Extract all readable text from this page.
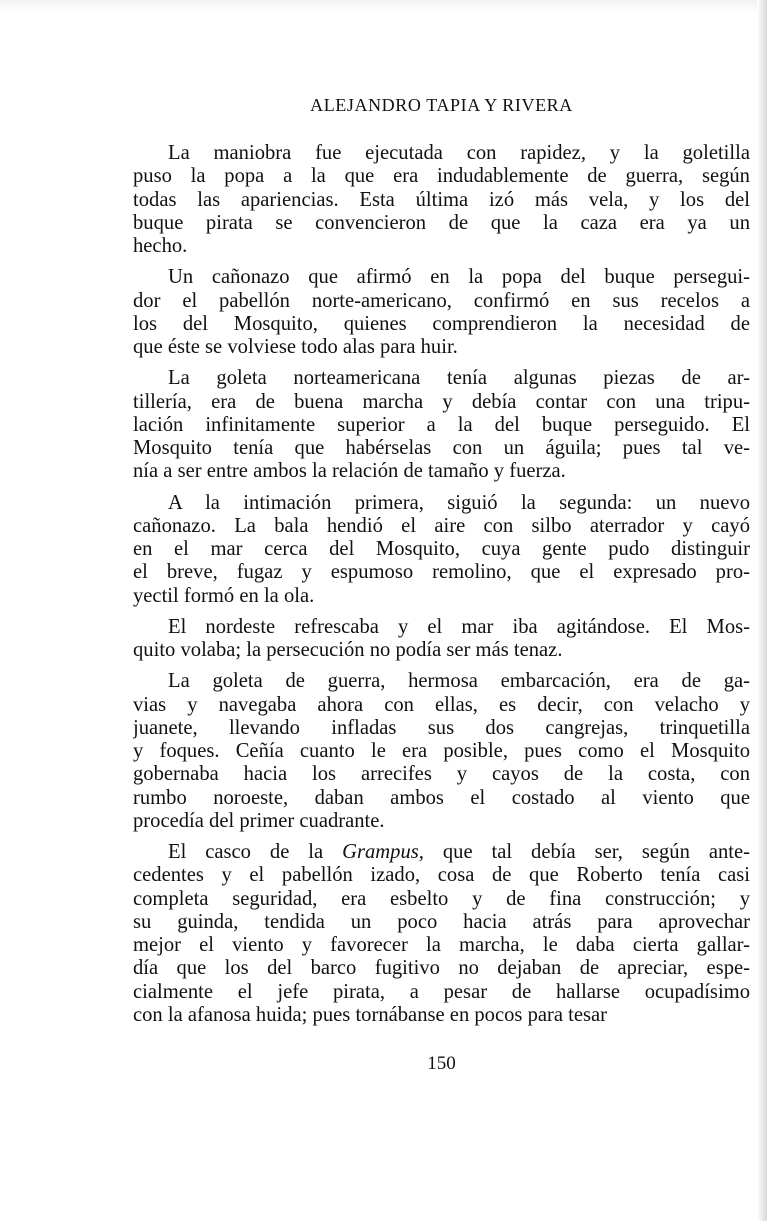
ALEJANDRO TAPIA Y RIVERA

La maniobra fue ejecutada con rapidez, y la goletilla
puso la popa a la que era indudablemente de guerra, según
todas las apariencias. Esta última izó más vela, y los del
buque pirata se convencieron de que la caza era ya un
hecho.

Un cañonazo que afirmó en la popa del buque persegui-
dor el pabellón norte-americano, confirmó en sus recelos a
los del Mosquito, quienes comprendieron la necesidad de
que éste se volviese todo alas para huir.

La goleta norteamericana tenía algunas piezas de ar-
tillería, era de buena marcha y debía contar con una tripu-
lación infinitamente superior a la del buque perseguido. El
Mosquito tenía que habérselas con un águila; pues tal ve-
nía a ser entre ambos la relación de tamaño y fuerza.

A la intimación primera, siguió la segunda: un nuevo
cañonazo. La bala hendió el aire con silbo aterrador y cayó
en el mar cerca del Mosquito, cuya gente pudo distinguir
el breve, fugaz y espumoso remolino, que el expresado pro-
yectil formó en la ola.

El nordeste refrescaba y el mar iba agitándose. El Mos-
quito volaba; la persecución no podía ser más tenaz.

La goleta de guerra, hermosa embarcación, era de ga-
vias y navegaba ahora con ellas, es decir, con velacho y
juanete, llevando infladas sus dos cangrejas, trinquetilla
y foques. Ceñía cuanto le era posible, pues como el Mosquito
gobernaba hacia los arrecifes y cayos de la costa, con
rumbo noroeste, daban ambos el costado al viento que
procedía del primer cuadrante.

El casco de la Grampus, que tal debía ser, según ante-
cedentes y el pabellón izado, cosa de que Roberto tenía casi
completa seguridad, era esbelto y de fina construcción; y
su guinda, tendida un poco hacia atrás para aprovechar
mejor el viento y favorecer la marcha, le daba cierta gallar-
día que los del barco fugitivo no dejaban de apreciar, espe-
cialmente el jefe pirata, a pesar de hallarse ocupadísimo
con la afanosa huida; pues tornábanse en pocos para tesar

150
